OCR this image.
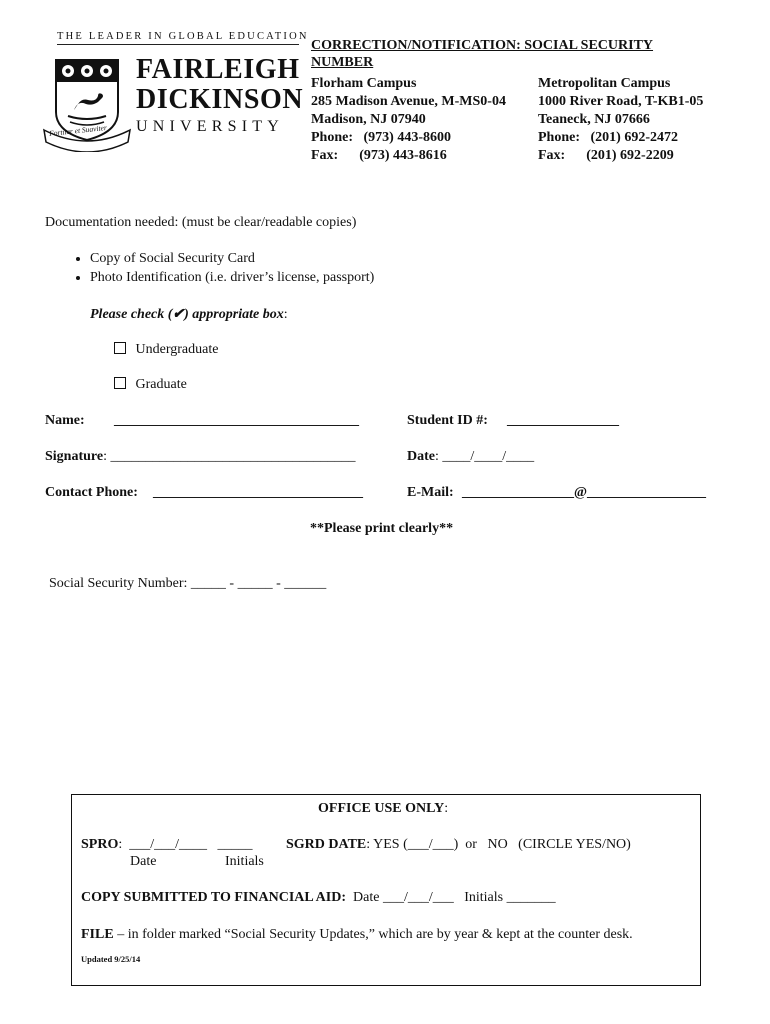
THE LEADER IN GLOBAL EDUCATION
Fortiter et Suaviter
FAIRLEIGH
DICKINSON
UNIVERSITY
CORRECTION/NOTIFICATION: SOCIAL SECURITY
NUMBER
Florham Campus
285 Madison Avenue, M-MS0-04
Madison, NJ 07940
Phone:   (973) 443-8600
Fax:      (973) 443-8616
Metropolitan Campus
1000 River Road, T-KB1-05
Teaneck, NJ 07666
Phone:   (201) 692-2472
Fax:      (201) 692-2209
Documentation needed: (must be clear/readable copies)
• Copy of Social Security Card
• Photo Identification (i.e. driver’s license, passport)
Please check (✔) appropriate box:
Undergraduate
Graduate
Name: ___________________________________	Student ID #: ________________
Signature: ___________________________________	Date: ____/____/____
Contact Phone: ______________________________	E-Mail: ________________@_________________
**Please print clearly**
Social Security Number: _____ - _____ - ______
OFFICE USE ONLY:
SPRO:  ___/___/____   _____
Date	Initials
SGRD DATE: YES (___/___)  or   NO   (CIRCLE YES/NO)
COPY SUBMITTED TO FINANCIAL AID:  Date ___/___/___   Initials _______
FILE – in folder marked “Social Security Updates,” which are by year & kept at the counter desk.
Updated 9/25/14
